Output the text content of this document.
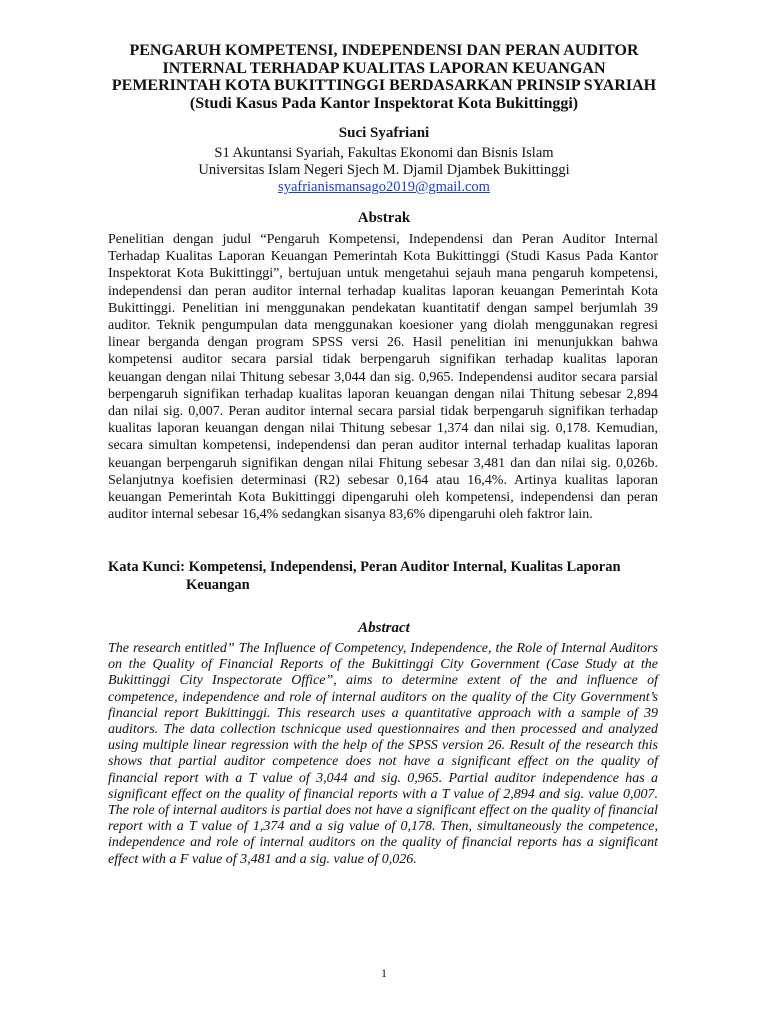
PENGARUH KOMPETENSI, INDEPENDENSI DAN PERAN AUDITOR
INTERNAL TERHADAP KUALITAS LAPORAN KEUANGAN
PEMERINTAH KOTA BUKITTINGGI BERDASARKAN PRINSIP SYARIAH
(Studi Kasus Pada Kantor Inspektorat Kota Bukittinggi)
Suci Syafriani
S1 Akuntansi Syariah, Fakultas Ekonomi dan Bisnis Islam
Universitas Islam Negeri Sjech M. Djamil Djambek Bukittinggi
syafrianismansago2019@gmail.com
Abstrak

Penelitian dengan judul “Pengaruh Kompetensi, Independensi dan Peran Auditor Internal Terhadap Kualitas Laporan Keuangan Pemerintah Kota Bukittinggi (Studi Kasus Pada Kantor Inspektorat Kota Bukittinggi”, bertujuan untuk mengetahui sejauh mana pengaruh kompetensi, independensi dan peran auditor internal terhadap kualitas laporan keuangan Pemerintah Kota Bukittinggi. Penelitian ini menggunakan pendekatan kuantitatif dengan sampel berjumlah 39 auditor. Teknik pengumpulan data menggunakan koesioner yang diolah menggunakan regresi linear berganda dengan program SPSS versi 26. Hasil penelitian ini menunjukkan bahwa kompetensi auditor secara parsial tidak berpengaruh signifikan terhadap kualitas laporan keuangan dengan nilai Thitung sebesar 3,044 dan sig. 0,965. Independensi auditor secara parsial berpengaruh signifikan terhadap kualitas laporan keuangan dengan nilai Thitung sebesar 2,894 dan nilai sig. 0,007. Peran auditor internal secara parsial tidak berpengaruh signifikan terhadap kualitas laporan keuangan dengan nilai Thitung sebesar 1,374 dan nilai sig. 0,178. Kemudian, secara simultan kompetensi, independensi dan peran auditor internal terhadap kualitas laporan keuangan berpengaruh signifikan dengan nilai Fhitung sebesar 3,481 dan dan nilai sig. 0,026b. Selanjutnya koefisien determinasi (R2) sebesar 0,164 atau 16,4%. Artinya kualitas laporan keuangan Pemerintah Kota Bukittinggi dipengaruhi oleh kompetensi, independensi dan peran auditor internal sebesar 16,4% sedangkan sisanya 83,6% dipengaruhi oleh faktror lain.

Kata Kunci: Kompetensi, Independensi, Peran Auditor Internal, Kualitas Laporan
Keuangan
Abstract

The research entitled” The Influence of Competency, Independence, the Role of Internal Auditors on the Quality of Financial Reports of the Bukittinggi City Government (Case Study at the Bukittinggi City Inspectorate Office”, aims to determine extent of the and influence of competence, independence and role of internal auditors on the quality of the City Government’s financial report Bukittinggi. This research uses a quantitative approach with a sample of 39 auditors. The data collection tschnicque used questionnaires and then processed and analyzed using multiple linear regression with the help of the SPSS version 26. Result of the research this shows that partial auditor competence does not have a significant effect on the quality of financial report with a T value of 3,044 and sig. 0,965. Partial auditor independence has a significant effect on the quality of financial reports with a T value of 2,894 and sig. value 0,007. The role of internal auditors is partial does not have a significant effect on the quality of financial report with a T value of 1,374 and a sig value of 0,178. Then, simultaneously the competence, independence and role of internal auditors on the quality of financial reports has a significant effect with a F value of 3,481 and a sig. value of 0,026.

1
